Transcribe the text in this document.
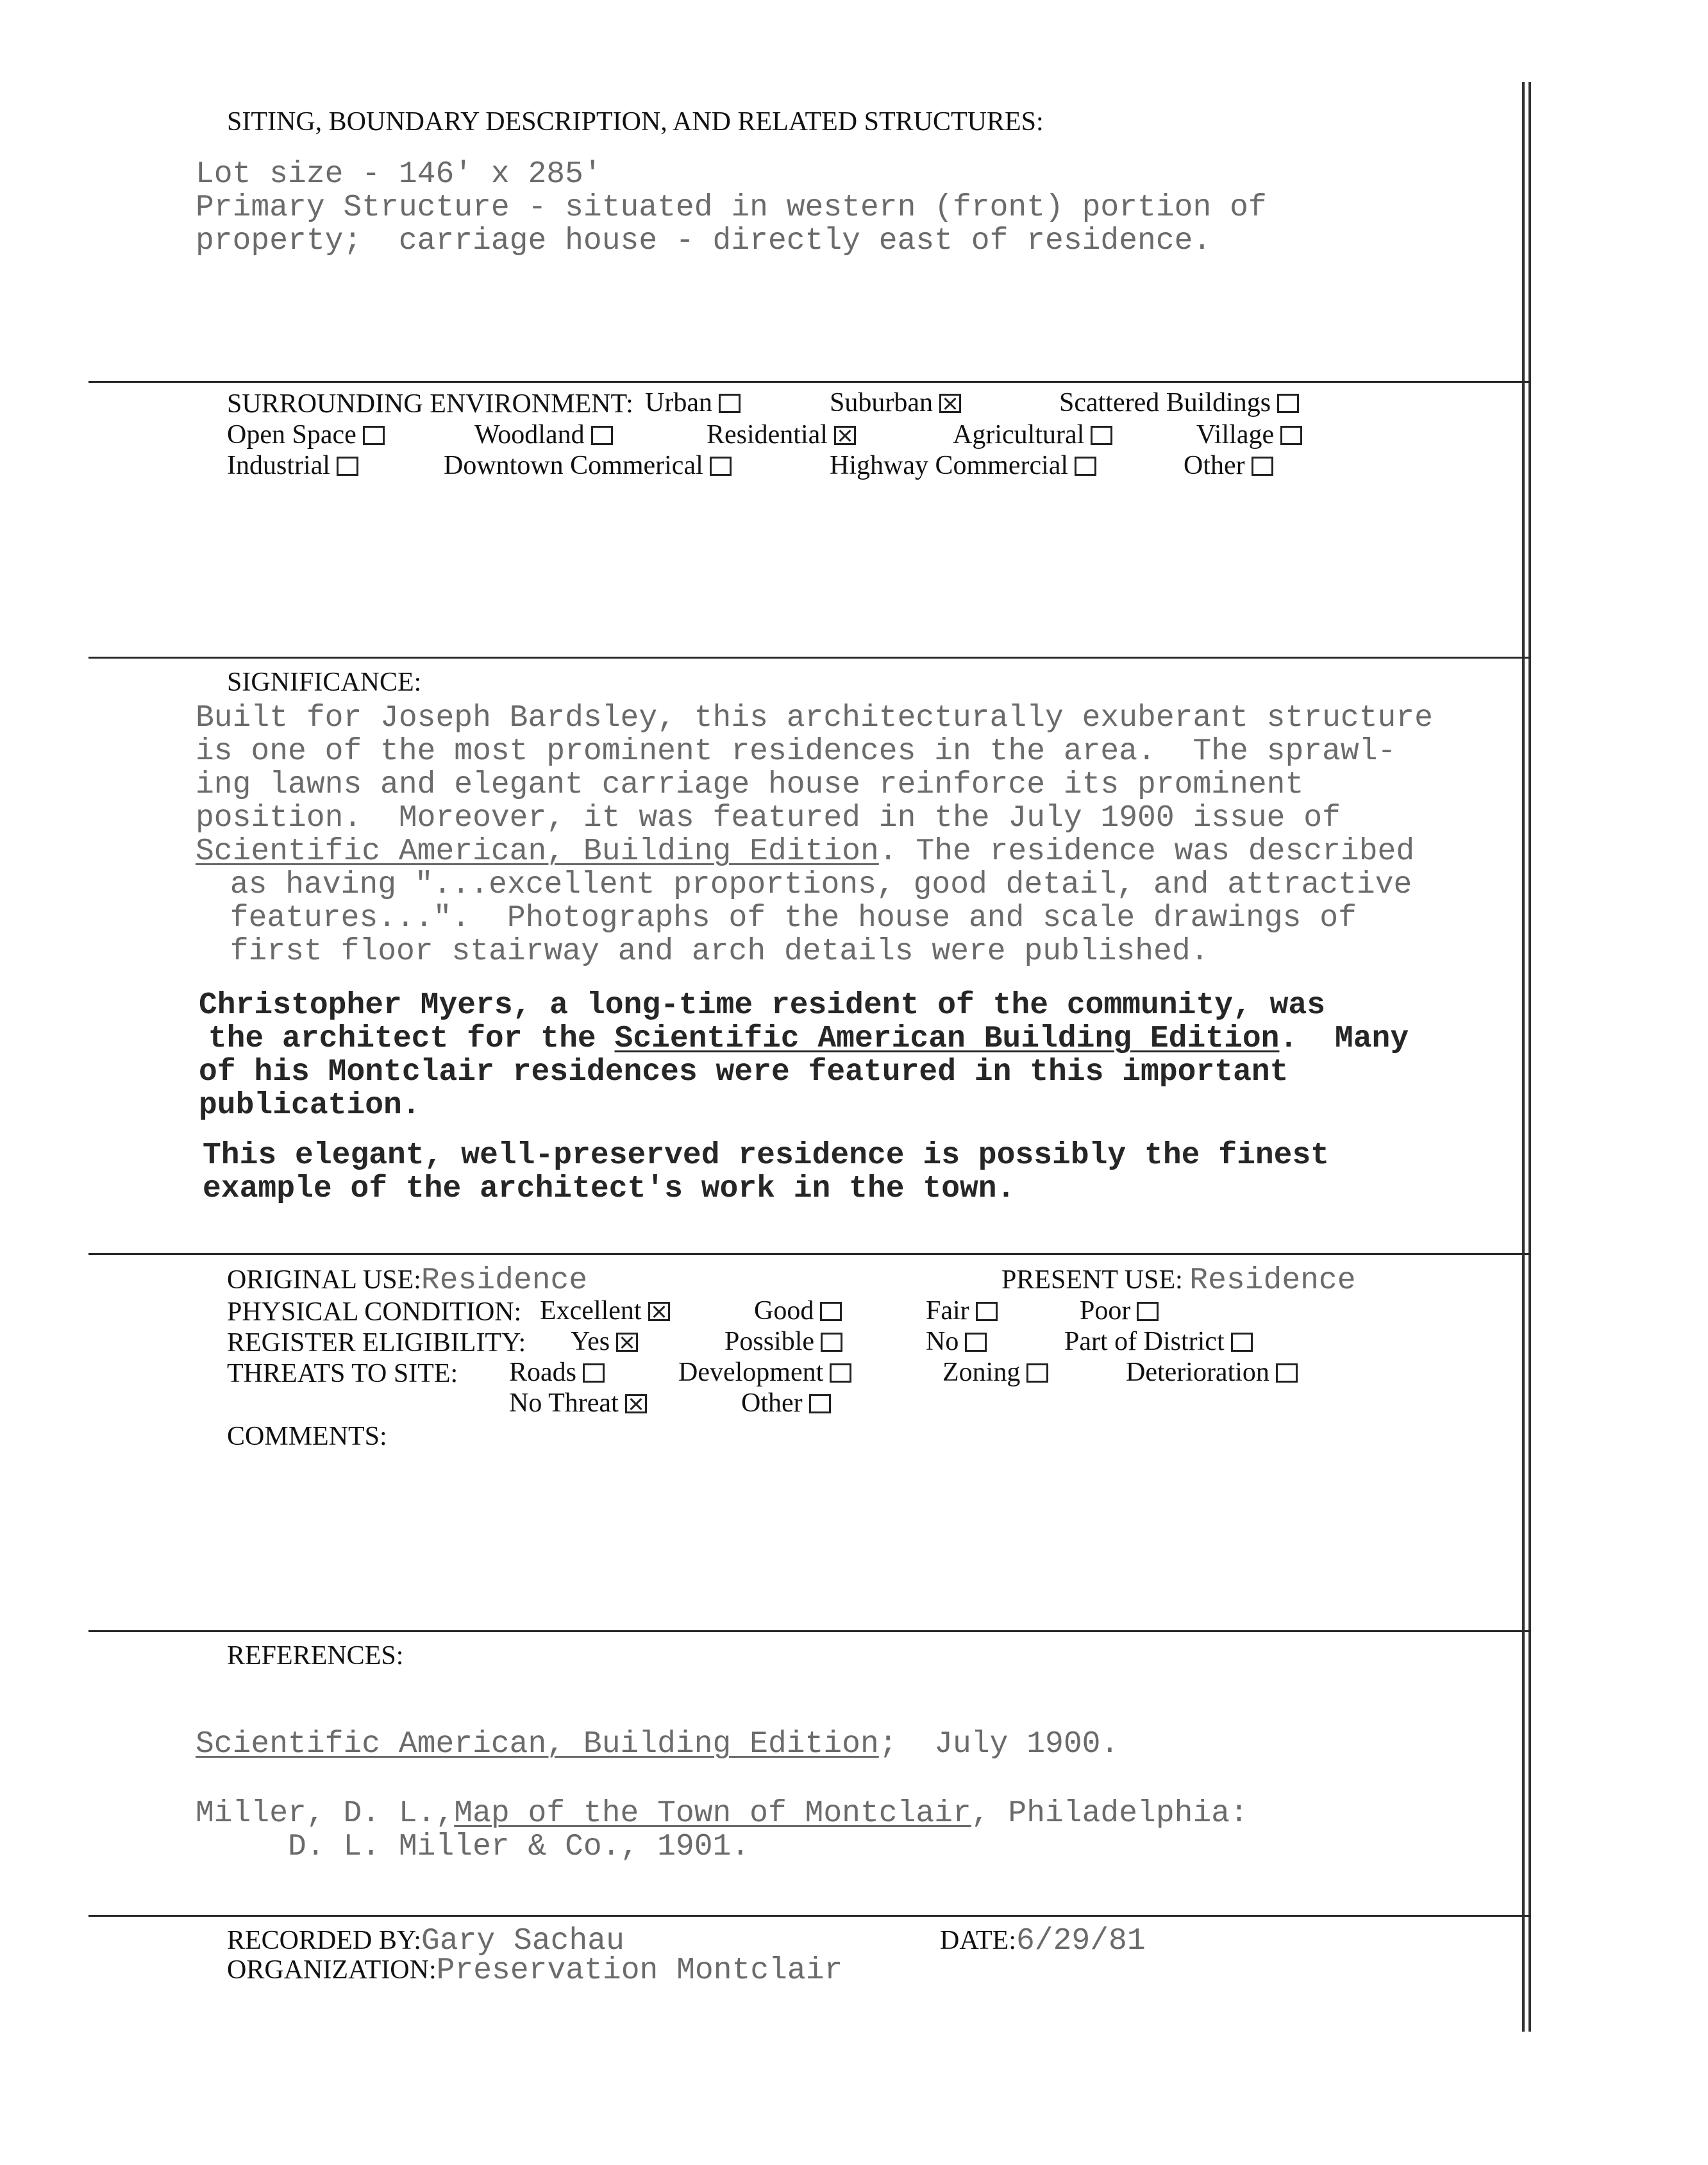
SITING, BOUNDARY DESCRIPTION, AND RELATED STRUCTURES:
Lot size - 146' x 285'
Primary Structure - situated in western (front) portion of
property;  carriage house - directly east of residence.
SURROUNDING ENVIRONMENT: Urban	Suburban	Scattered Buildings
Open Space	Woodland	Residential	Agricultural	Village
Industrial	Downtown Commerical	Highway Commercial	Other
SIGNIFICANCE:
Built for Joseph Bardsley, this architecturally exuberant structure
is one of the most prominent residences in the area.  The sprawl-
ing lawns and elegant carriage house reinforce its prominent
position.  Moreover, it was featured in the July 1900 issue of
Scientific American, Building Edition. The residence was described
as having "...excellent proportions, good detail, and attractive
features...".  Photographs of the house and scale drawings of
first floor stairway and arch details were published.
Christopher Myers, a long-time resident of the community, was
the architect for the Scientific American Building Edition.  Many
of his Montclair residences were featured in this important
publication.
This elegant, well-preserved residence is possibly the finest
example of the architect's work in the town.
ORIGINAL USE:Residence	PRESENT USE: Residence
PHYSICAL CONDITION: Excellent	Good	Fair	Poor
REGISTER ELIGIBILITY: Yes	Possible	No	Part of District
THREATS TO SITE: Roads	Development	Zoning	Deterioration
No Threat	Other
COMMENTS:
REFERENCES:
Scientific American, Building Edition;  July 1900.
Miller, D. L.,Map of the Town of Montclair, Philadelphia:
D. L. Miller & Co., 1901.
RECORDED BY:Gary Sachau
ORGANIZATION:Preservation Montclair
DATE:6/29/81
